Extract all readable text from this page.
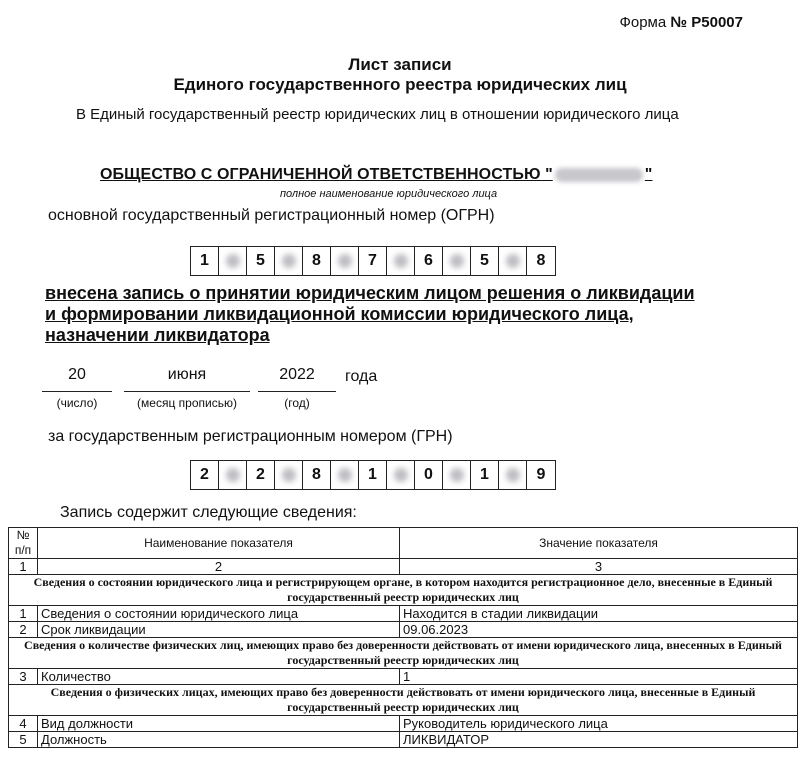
Форма № Р50007
Лист записи
Единого государственного реестра юридических лиц
В Единый государственный реестр юридических лиц в отношении юридического лица
ОБЩЕСТВО С ОГРАНИЧЕННОЙ ОТВЕТСТВЕННОСТЬЮ "	"
полное наименование юридического лица
основной государственный регистрационный номер (ОГРН)
1	5	8	7	6	5	8
внесена запись о принятии юридическим лицом решения о ликвидации
и формировании ликвидационной комиссии юридического лица,
назначении ликвидатора
20
(число)
июня
(месяц прописью)
2022
(год)
года
за государственным регистрационным номером (ГРН)
2	2	8	1	0	1	9
Запись содержит следующие сведения:
№ п/п	Наименование показателя	Значение показателя
1	2	3
Сведения о состоянии юридического лица и регистрирующем органе, в котором находится регистрационное дело, внесенные в Единый государственный реестр юридических лиц		
1	Сведения о состоянии юридического лица	Находится в стадии ликвидации
2	Срок ликвидации	09.06.2023
Сведения о количестве физических лиц, имеющих право без доверенности действовать от имени юридического лица, внесенных в Единый государственный реестр юридических лиц		
3	Количество	1
Сведения о физических лицах, имеющих право без доверенности действовать от имени юридического лица, внесенные в Единый государственный реестр юридических лиц		
4	Вид должности	Руководитель юридического лица
5	Должность	ЛИКВИДАТОР
